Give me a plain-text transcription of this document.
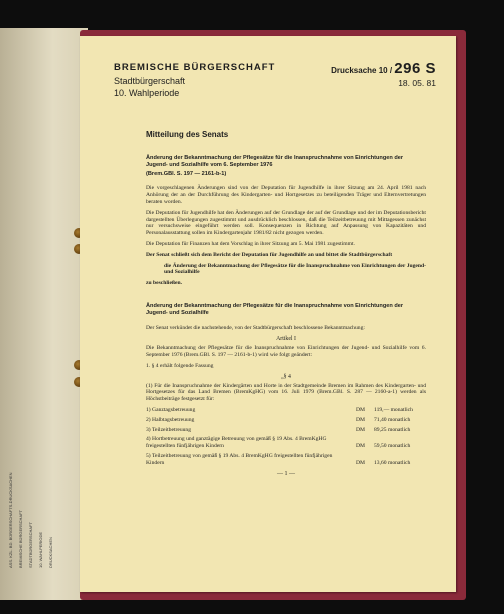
ASS. KZL. BD. BÜRGERSCHAFTS-DRUCKSACHEN BREMISCHE BÜRGERSCHAFT STADTBÜRGERSCHAFT 10. WAHLPERIODE DRUCKSACHEN
BREMISCHE BÜRGERSCHAFT
Stadtbürgerschaft
10. Wahlperiode
Drucksache 10 / 296 S
18. 05. 81
Mitteilung des Senats
Änderung der Bekanntmachung der Pflegesätze für die Inanspruchnahme von Einrichtungen der Jugend- und Sozialhilfe vom 6. September 1976
(Brem.GBl. S. 197 — 2161-b-1)

Die vorgeschlagenen Änderungen sind von der Deputation für Jugendhilfe in ihrer Sitzung am 24. April 1981 nach Anhörung der an der Durchführung des Kindergarten- und Hortgesetzes zu beteiligenden Träger und Elternvertretungen beraten worden.

Die Deputation für Jugendhilfe hat den Änderungen auf der Grundlage der auf der Grundlage und der im Deputationsbericht dargestellten Überlegungen zugestimmt und ausdrücklich beschlossen, daß die Teilzeitbetreuung mit Mittagessen zunächst nur versuchsweise eingeführt werden soll. Konsequenzen in Richtung auf Anpassung von Kapazitäten und Personalausstattung sollen im Kindergartenjahr 1981/82 nicht gezogen werden.

Die Deputation für Finanzen hat dem Vorschlag in ihrer Sitzung am 5. Mai 1981 zugestimmt.

Der Senat schließt sich dem Bericht der Deputation für Jugendhilfe an und bittet die Stadtbürgerschaft

die Änderung der Bekanntmachung der Pflegesätze für die Inanspruchnahme von Einrichtungen der Jugend- und Sozialhilfe

zu beschließen.

Änderung der Bekanntmachung der Pflegesätze für die Inanspruchnahme von Einrichtungen der Jugend- und Sozialhilfe

Der Senat verkündet die nachstehende, von der Stadtbürgerschaft beschlossene Bekanntmachung:

Artikel I

Die Bekanntmachung der Pflegesätze für die Inanspruchnahme von Einrichtungen der Jugend- und Sozialhilfe vom 6. September 1976 (Brem.GBl. S. 197 — 2161-b-1) wird wie folgt geändert:

1. § 4 erhält folgende Fassung

„§ 4

(1) Für die Inanspruchnahme der Kindergärten und Horte in der Stadtgemeinde Bremen im Rahmen des Kindergarten- und Hortgesetzes für das Land Bremen (BremKgHG) vom 16. Juli 1979 (Brem.GBl. S. 287 — 2160-a-1) werden als Höchstbeiträge festgesetzt für:

1) Ganztagsbetreuung	DM	119,— monatlich
2) Halbtagsbetreuung	DM	71,40 monatlich
3) Teilzeitbetreuung	DM	89,25 monatlich
4) Hortbetreuung und ganztägige Betreuung von gemäß § 19 Abs. 4 BremKgHG freigestellten fünfjährigen Kindern	DM	59,50 monatlich
5) Teilzeitbetreuung von gemäß § 19 Abs. 4 BremKgHG freigestellten fünfjährigen Kindern	DM	13,60 monatlich
— 1 —
